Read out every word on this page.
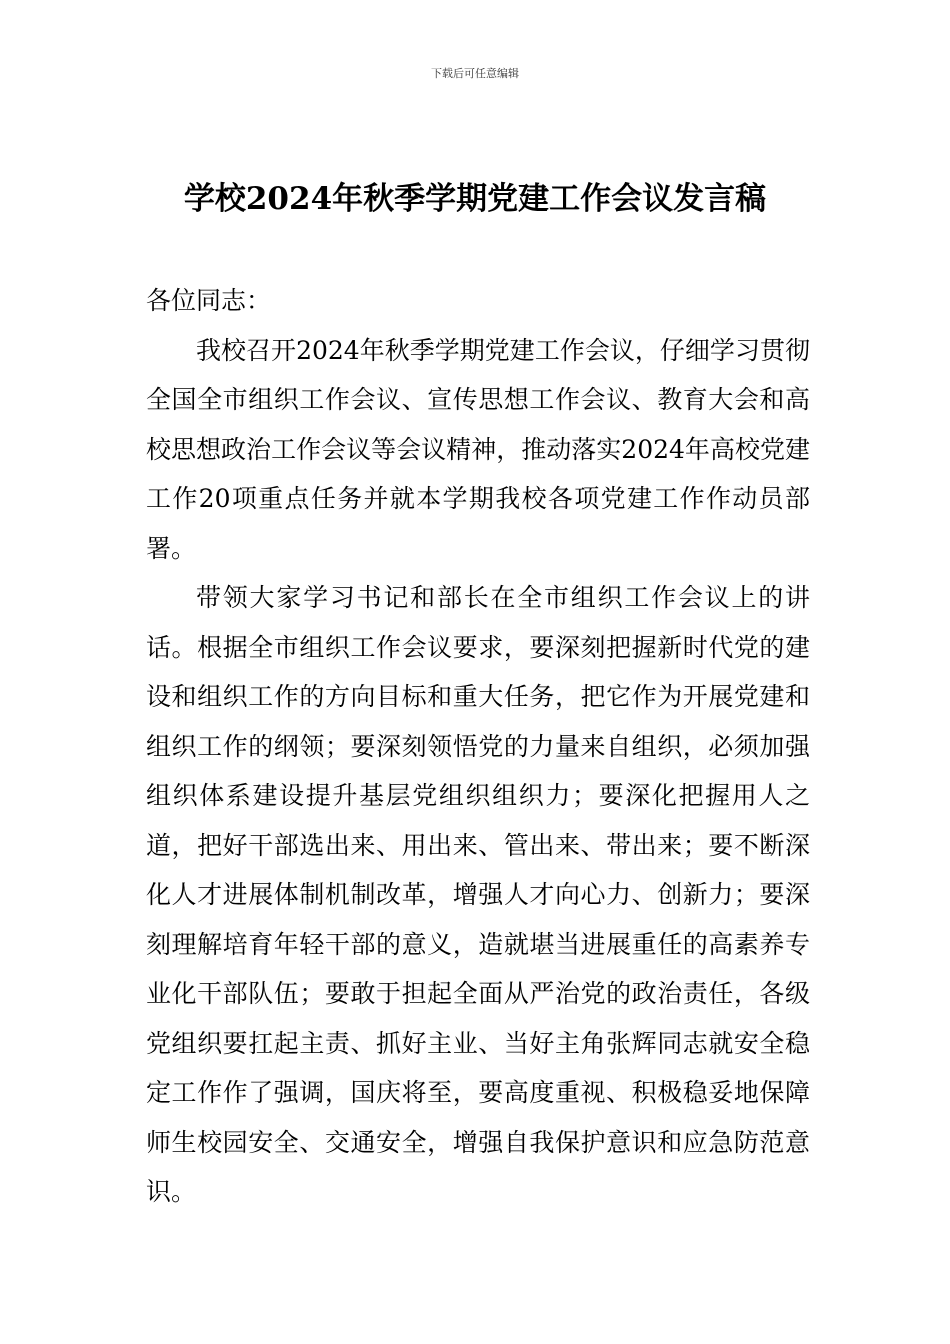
下载后可任意编辑
学校2024年秋季学期党建工作会议发言稿

各位同志：

我校召开2024年秋季学期党建工作会议，仔细学习贯彻全国全市组织工作会议、宣传思想工作会议、教育大会和高校思想政治工作会议等会议精神，推动落实2024年高校党建工作20项重点任务并就本学期我校各项党建工作作动员部署。

带领大家学习书记和部长在全市组织工作会议上的讲话。根据全市组织工作会议要求，要深刻把握新时代党的建设和组织工作的方向目标和重大任务，把它作为开展党建和组织工作的纲领；要深刻领悟党的力量来自组织，必须加强组织体系建设提升基层党组织组织力；要深化把握用人之道，把好干部选出来、用出来、管出来、带出来；要不断深化人才进展体制机制改革，增强人才向心力、创新力；要深刻理解培育年轻干部的意义，造就堪当进展重任的高素养专业化干部队伍；要敢于担起全面从严治党的政治责任，各级党组织要扛起主责、抓好主业、当好主角张辉同志就安全稳定工作作了强调，国庆将至，要高度重视、积极稳妥地保障师生校园安全、交通安全，增强自我保护意识和应急防范意识。
